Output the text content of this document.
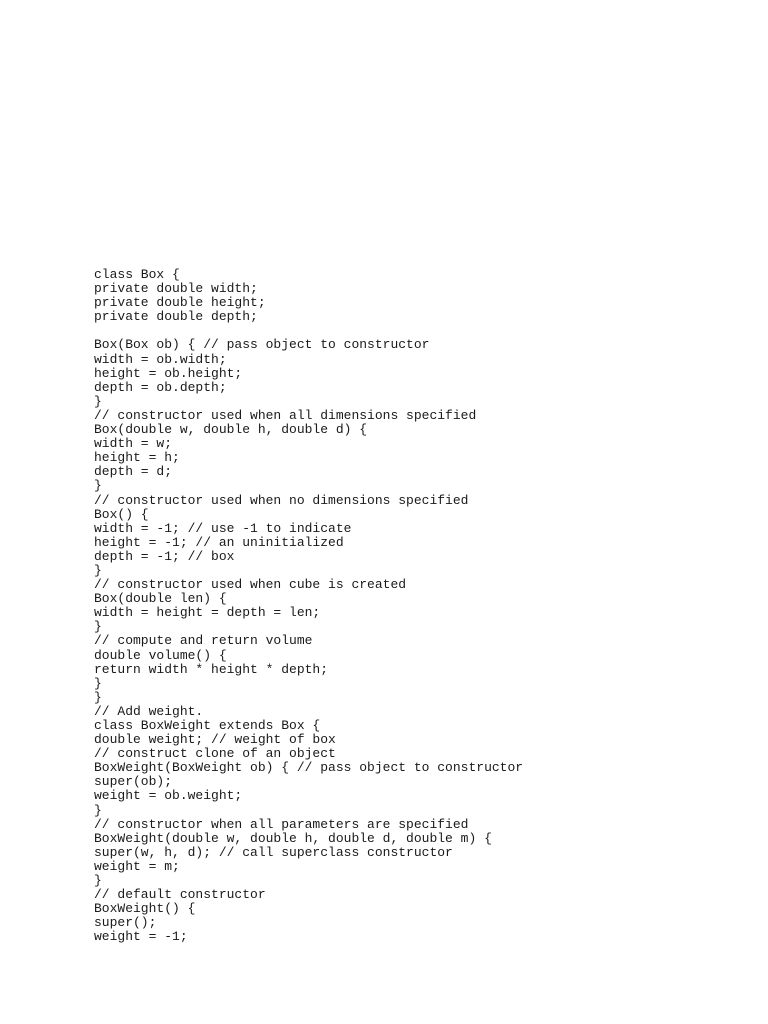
class Box {
private double width;
private double height;
private double depth;
Box(Box ob) { // pass object to constructor
width = ob.width;
height = ob.height;
depth = ob.depth;
}
// constructor used when all dimensions specified
Box(double w, double h, double d) {
width = w;
height = h;
depth = d;
}
// constructor used when no dimensions specified
Box() {
width = -1; // use -1 to indicate
height = -1; // an uninitialized
depth = -1; // box
}
// constructor used when cube is created
Box(double len) {
width = height = depth = len;
}
// compute and return volume
double volume() {
return width * height * depth;
}
}
// Add weight.
class BoxWeight extends Box {
double weight; // weight of box
// construct clone of an object
BoxWeight(BoxWeight ob) { // pass object to constructor
super(ob);
weight = ob.weight;
}
// constructor when all parameters are specified
BoxWeight(double w, double h, double d, double m) {
super(w, h, d); // call superclass constructor
weight = m;
}
// default constructor
BoxWeight() {
super();
weight = -1;
